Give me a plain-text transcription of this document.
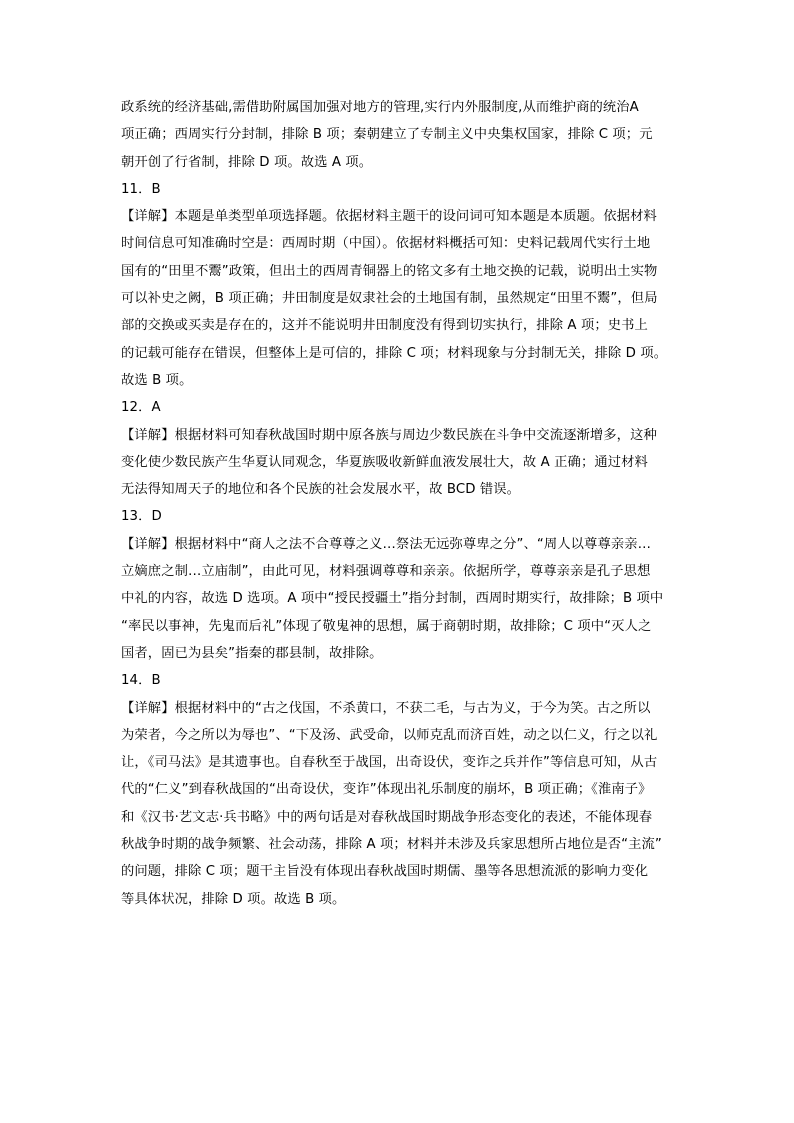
政系统的经济基础,需借助附属国加强对地方的管理,实行内外服制度,从而维护商的统治A
项正确；西周实行分封制，排除 B 项；秦朝建立了专制主义中央集权国家，排除 C 项；元
朝开创了行省制，排除 D 项。故选 A 项。
11．B
【详解】本题是单类型单项选择题。依据材料主题干的设问词可知本题是本质题。依据材料
时间信息可知准确时空是：西周时期（中国）。依据材料概括可知：史料记载周代实行土地
国有的“田里不鬻”政策，但出土的西周青铜器上的铭文多有土地交换的记载，说明出土实物
可以补史之阙，B 项正确；井田制度是奴隶社会的土地国有制，虽然规定“田里不鬻”，但局
部的交换或买卖是存在的，这并不能说明井田制度没有得到切实执行，排除 A 项；史书上
的记载可能存在错误，但整体上是可信的，排除 C 项；材料现象与分封制无关，排除 D 项。
故选 B 项。
12．A
【详解】根据材料可知春秋战国时期中原各族与周边少数民族在斗争中交流逐渐增多，这种
变化使少数民族产生华夏认同观念，华夏族吸收新鲜血液发展壮大，故 A 正确；通过材料
无法得知周天子的地位和各个民族的社会发展水平，故 BCD 错误。
13．D
【详解】根据材料中“商人之法不合尊尊之义…祭法无远弥尊卑之分”、“周人以尊尊亲亲…
立嫡庶之制…立庙制”，由此可见，材料强调尊尊和亲亲。依据所学，尊尊亲亲是孔子思想
中礼的内容，故选 D 选项。A 项中“授民授疆土”指分封制，西周时期实行，故排除；B 项中
“率民以事神，先鬼而后礼”体现了敬鬼神的思想，属于商朝时期，故排除；C 项中“灭人之
国者，固已为县矣”指秦的郡县制，故排除。
14．B
【详解】根据材料中的“古之伐国，不杀黄口，不获二毛，与古为义，于今为笑。古之所以
为荣者，今之所以为辱也”、“下及汤、武受命，以师克乱而济百姓，动之以仁义，行之以礼
让，《司马法》是其遗事也。自春秋至于战国，出奇设伏，变诈之兵并作”等信息可知，从古
代的“仁义”到春秋战国的“出奇设伏，变诈”体现出礼乐制度的崩坏，B 项正确；《淮南子》
和《汉书·艺文志·兵书略》中的两句话是对春秋战国时期战争形态变化的表述，不能体现春
秋战争时期的战争频繁、社会动荡，排除 A 项；材料并未涉及兵家思想所占地位是否“主流”
的问题，排除 C 项；题干主旨没有体现出春秋战国时期儒、墨等各思想流派的影响力变化
等具体状况，排除 D 项。故选 B 项。
